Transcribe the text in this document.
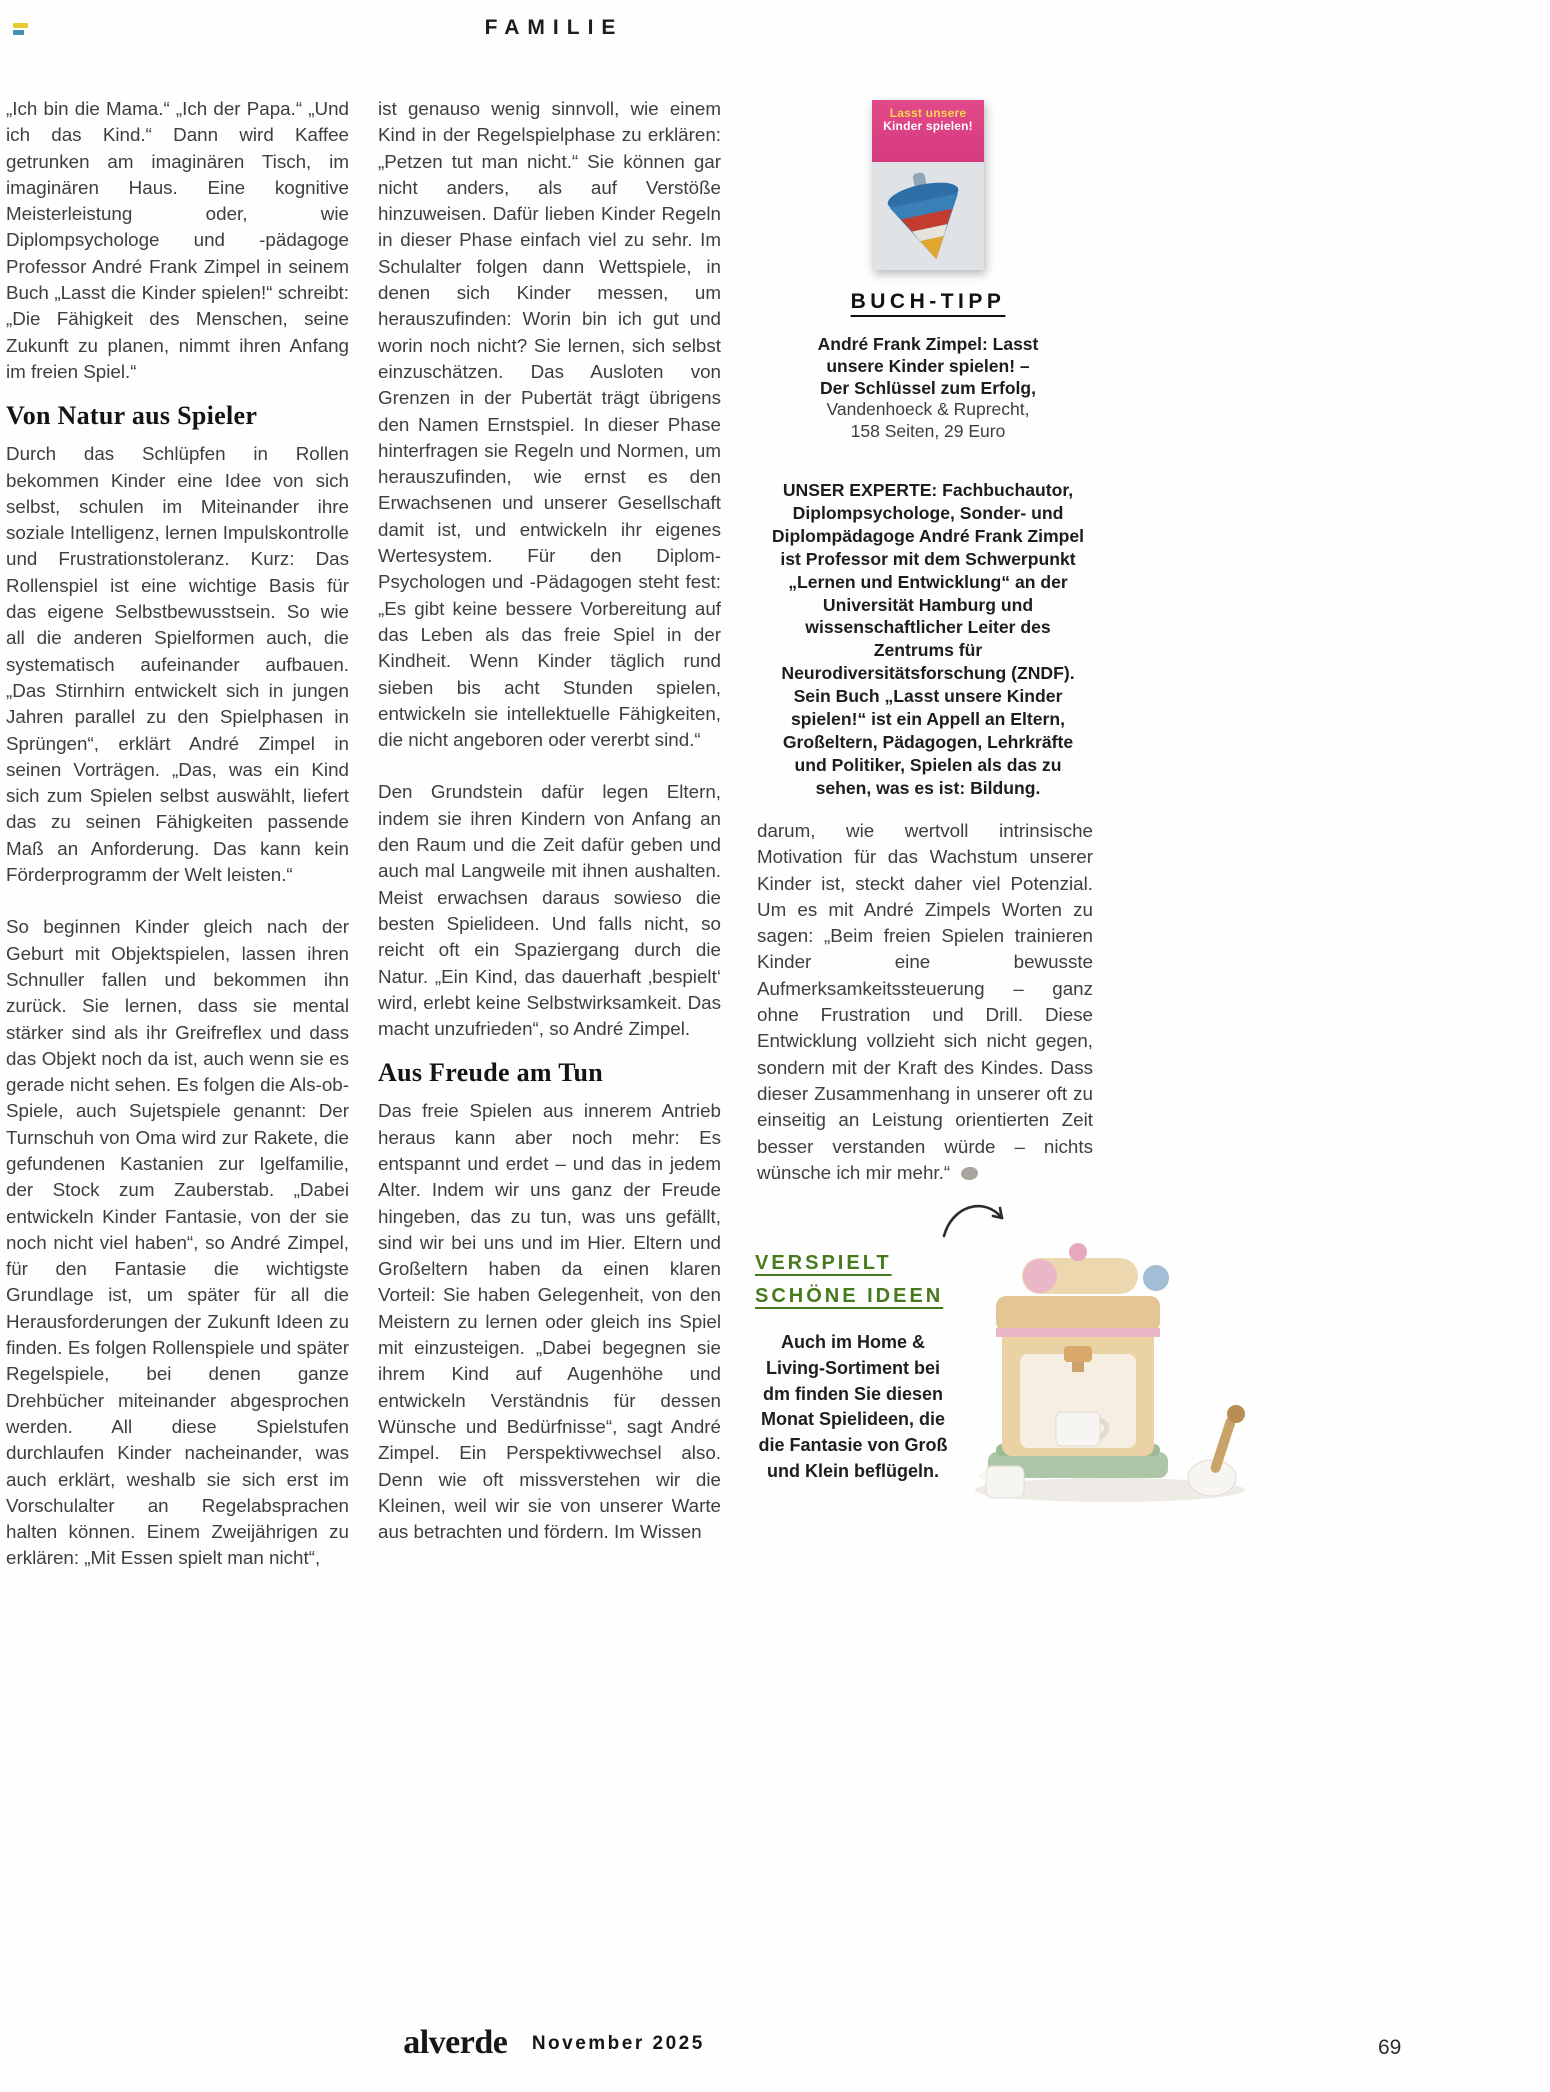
FAMILIE

„Ich bin die Mama.“ „Ich der Papa.“ „Und ich das Kind.“ Dann wird Kaffee getrunken am imaginären Tisch, im imaginären Haus. Eine kognitive Meisterleistung oder, wie Diplompsychologe und -pädagoge Professor André Frank Zimpel in seinem Buch „Lasst die Kinder spielen!“ schreibt: „Die Fähigkeit des Menschen, seine Zukunft zu planen, nimmt ihren Anfang im freien Spiel.“

Von Natur aus Spieler

Durch das Schlüpfen in Rollen bekommen Kinder eine Idee von sich selbst, schulen im Miteinander ihre soziale Intelligenz, lernen Impulskontrolle und Frustrationstoleranz. Kurz: Das Rollenspiel ist eine wichtige Basis für das eigene Selbstbewusstsein. So wie all die anderen Spielformen auch, die systematisch aufeinander aufbauen. „Das Stirnhirn entwickelt sich in jungen Jahren parallel zu den Spielphasen in Sprüngen“, erklärt André Zimpel in seinen Vorträgen. „Das, was ein Kind sich zum Spielen selbst auswählt, liefert das zu seinen Fähigkeiten passende Maß an Anforderung. Das kann kein Förderprogramm der Welt leisten.“

So beginnen Kinder gleich nach der Geburt mit Objektspielen, lassen ihren Schnuller fallen und bekommen ihn zurück. Sie lernen, dass sie mental stärker sind als ihr Greifreflex und dass das Objekt noch da ist, auch wenn sie es gerade nicht sehen. Es folgen die Als-ob-Spiele, auch Sujetspiele genannt: Der Turnschuh von Oma wird zur Rakete, die gefundenen Kastanien zur Igelfamilie, der Stock zum Zauberstab. „Dabei entwickeln Kinder Fantasie, von der sie noch nicht viel haben“, so André Zimpel, für den Fantasie die wichtigste Grundlage ist, um später für all die Herausforderungen der Zukunft Ideen zu finden. Es folgen Rollenspiele und später Regelspiele, bei denen ganze Drehbücher miteinander abgesprochen werden. All diese Spielstufen durchlaufen Kinder nacheinander, was auch erklärt, weshalb sie sich erst im Vorschulalter an Regelabsprachen halten können. Einem Zweijährigen zu erklären: „Mit Essen spielt man nicht“,

ist genauso wenig sinnvoll, wie einem Kind in der Regelspielphase zu erklären: „Petzen tut man nicht.“ Sie können gar nicht anders, als auf Verstöße hinzuweisen. Dafür lieben Kinder Regeln in dieser Phase einfach viel zu sehr. Im Schulalter folgen dann Wettspiele, in denen sich Kinder messen, um herauszufinden: Worin bin ich gut und worin noch nicht? Sie lernen, sich selbst einzuschätzen. Das Ausloten von Grenzen in der Pubertät trägt übrigens den Namen Ernstspiel. In dieser Phase hinterfragen sie Regeln und Normen, um herauszufinden, wie ernst es den Erwachsenen und unserer Gesellschaft damit ist, und entwickeln ihr eigenes Wertesystem. Für den Diplom-Psychologen und -Pädagogen steht fest: „Es gibt keine bessere Vorbereitung auf das Leben als das freie Spiel in der Kindheit. Wenn Kinder täglich rund sieben bis acht Stunden spielen, entwickeln sie intellektuelle Fähigkeiten, die nicht angeboren oder vererbt sind.“

Den Grundstein dafür legen Eltern, indem sie ihren Kindern von Anfang an den Raum und die Zeit dafür geben und auch mal Langweile mit ihnen aushalten. Meist erwachsen daraus sowieso die besten Spielideen. Und falls nicht, so reicht oft ein Spaziergang durch die Natur. „Ein Kind, das dauerhaft ‚bespielt‘ wird, erlebt keine Selbstwirksamkeit. Das macht unzufrieden“, so André Zimpel.

Aus Freude am Tun

Das freie Spielen aus innerem Antrieb heraus kann aber noch mehr: Es entspannt und erdet – und das in jedem Alter. Indem wir uns ganz der Freude hingeben, das zu tun, was uns gefällt, sind wir bei uns und im Hier. Eltern und Großeltern haben da einen klaren Vorteil: Sie haben Gelegenheit, von den Meistern zu lernen oder gleich ins Spiel mit einzusteigen. „Dabei begegnen sie ihrem Kind auf Augenhöhe und entwickeln Verständnis für dessen Wünsche und Bedürfnisse“, sagt André Zimpel. Ein Perspektivwechsel also. Denn wie oft missverstehen wir die Kleinen, weil wir sie von unserer Warte aus betrachten und fördern. Im Wissen

Lasst unsere
Kinder spielen!
BUCH-TIPP

André Frank Zimpel: Lasst unsere Kinder spielen! – Der Schlüssel zum Erfolg, Vandenhoeck & Ruprecht, 158 Seiten, 29 Euro

UNSER EXPERTE: Fachbuchautor, Diplompsychologe, Sonder- und Diplompädagoge André Frank Zimpel ist Professor mit dem Schwerpunkt „Lernen und Entwicklung“ an der Universität Hamburg und wissenschaftlicher Leiter des Zentrums für Neurodiversitätsforschung (ZNDF). Sein Buch „Lasst unsere Kinder spielen!“ ist ein Appell an Eltern, Großeltern, Pädagogen, Lehrkräfte und Politiker, Spielen als das zu sehen, was es ist: Bildung.

darum, wie wertvoll intrinsische Motivation für das Wachstum unserer Kinder ist, steckt daher viel Potenzial. Um es mit André Zimpels Worten zu sagen: „Beim freien Spielen trainieren Kinder eine bewusste Aufmerksamkeitssteuerung – ganz ohne Frustration und Drill. Diese Entwicklung vollzieht sich nicht gegen, sondern mit der Kraft des Kindes. Dass dieser Zusammenhang in unserer oft zu einseitig an Leistung orientierten Zeit besser verstanden würde – nichts wünsche ich mir mehr.“

VERSPIELT
SCHÖNE IDEEN

Auch im Home & Living-Sortiment bei dm finden Sie diesen Monat Spielideen, die die Fantasie von Groß und Klein beflügeln.

alverde November 2025	69
